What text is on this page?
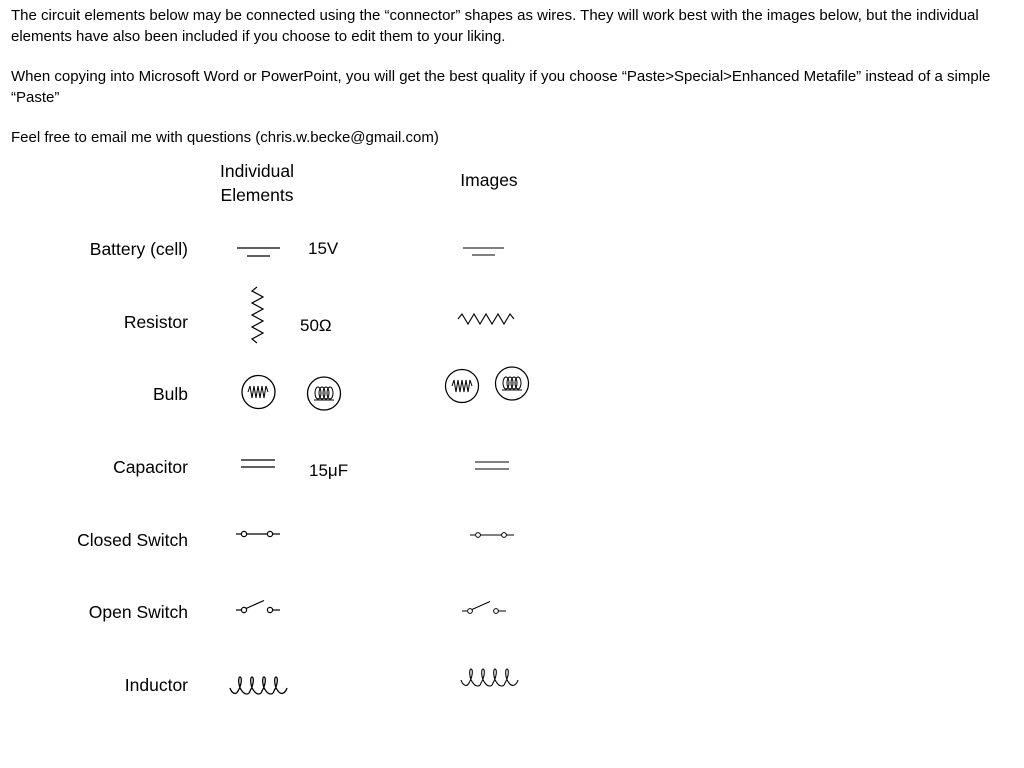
The circuit elements below may be connected using the “connector” shapes as wires. They will work best with the images below, but the individual elements have also been included if you choose to edit them to your liking.

When copying into Microsoft Word or PowerPoint, you will get the best quality if you choose “Paste>Special>Enhanced Metafile” instead of a simple “Paste”

Feel free to email me with questions (chris.w.becke@gmail.com)

Individual Elements
Images
Battery (cell)
Resistor
Bulb
Capacitor
Closed Switch
Open Switch
Inductor
15V
50Ω
15μF
